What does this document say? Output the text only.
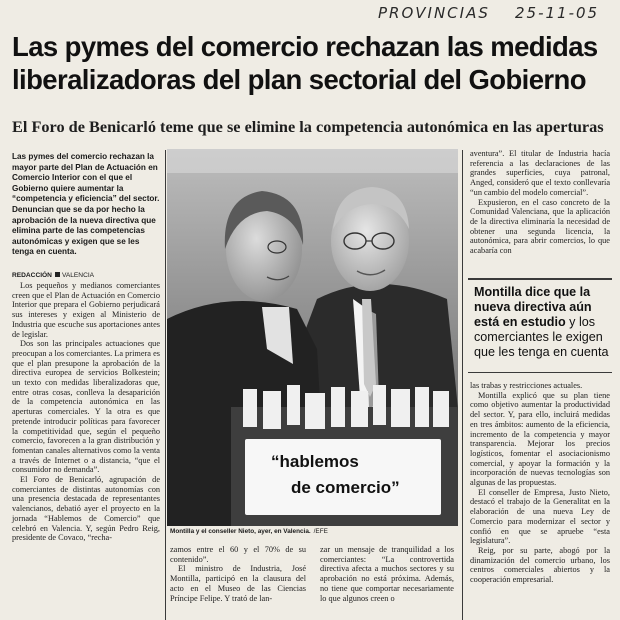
PROVINCIAS 25-11-05
Las pymes del comercio rechazan las medidas liberalizadoras del plan sectorial del Gobierno
El Foro de Benicarló teme que se elimine la competencia autonómica en las aperturas
Las pymes del comercio rechazan la mayor parte del Plan de Actuación en Comercio Interior con el que el Gobierno quiere aumentar la “competencia y eficiencia” del sector. Denuncian que se da por hecho la aprobación de la nueva directiva que elimina parte de las competencias autonómicas y exigen que se les tenga en cuenta.
REDACCIÓN VALENCIA

Los pequeños y medianos comerciantes creen que el Plan de Actuación en Comercio Interior que prepara el Gobierno perjudicará sus intereses y exigen al Ministerio de Industria que escuche sus aportaciones antes de legislar.

Dos son las principales actuaciones que preocupan a los comerciantes. La primera es que el plan presupone la aprobación de la directiva europea de servicios Bolkestein; un texto con medidas liberalizadoras que, entre otras cosas, conlleva la desaparición de la competencia autonómica en las aperturas comerciales. Y la otra es que pretende introducir políticas para favorecer la competitividad que, según el pequeño comercio, favorecen a la gran distribución y fomentan canales alternativos como la venta a través de Internet o a distancia, “que el consumidor no demanda”.

El Foro de Benicarló, agrupación de comerciantes de distintas autonomías con una presencia destacada de representantes valencianos, debatió ayer el proyecto en la jornada “Hablemos de Comercio” que celebró en Valencia. Y, según Pedro Reig, presidente de Covaco, “recha-

“hablemos
de comercio”
Montilla y el conseller Nieto, ayer, en Valencia. /EFE

zamos entre el 60 y el 70% de su contenido”.

El ministro de Industria, José Montilla, participó en la clausura del acto en el Museo de las Ciencias Príncipe Felipe. Y trató de lan-

zar un mensaje de tranquilidad a los comerciantes: “La controvertida directiva afecta a muchos sectores y su aprobación no está próxima. Además, no tiene que comportar necesariamente lo que algunos creen o

aventura”. El titular de Industria hacía referencia a las declaraciones de las grandes superficies, cuya patronal, Anged, consideró que el texto conllevaría “un cambio del modelo comercial”.

Expusieron, en el caso concreto de la Comunidad Valenciana, que la aplicación de la directiva eliminaría la necesidad de obtener una segunda licencia, la autonómica, para abrir comercios, lo que acabaría con

Montilla dice que la nueva directiva aún está en estudio y los comerciantes le exigen que les tenga en cuenta

las trabas y restricciones actuales.

Montilla explicó que su plan tiene como objetivo aumentar la productividad del sector. Y, para ello, incluirá medidas en tres ámbitos: aumento de la eficiencia, incremento de la competencia y mayor transparencia. Mejorar los precios logísticos, fomentar el asociacionismo comercial, y apoyar la formación y la incorporación de nuevas tecnologías son algunas de las propuestas.

El conseller de Empresa, Justo Nieto, destacó el trabajo de la Generalitat en la elaboración de una nueva Ley de Comercio para modernizar el sector y confió en que se apruebe “esta legislatura”.

Reig, por su parte, abogó por la dinamización del comercio urbano, los centros comerciales abiertos y la cooperación empresarial.
